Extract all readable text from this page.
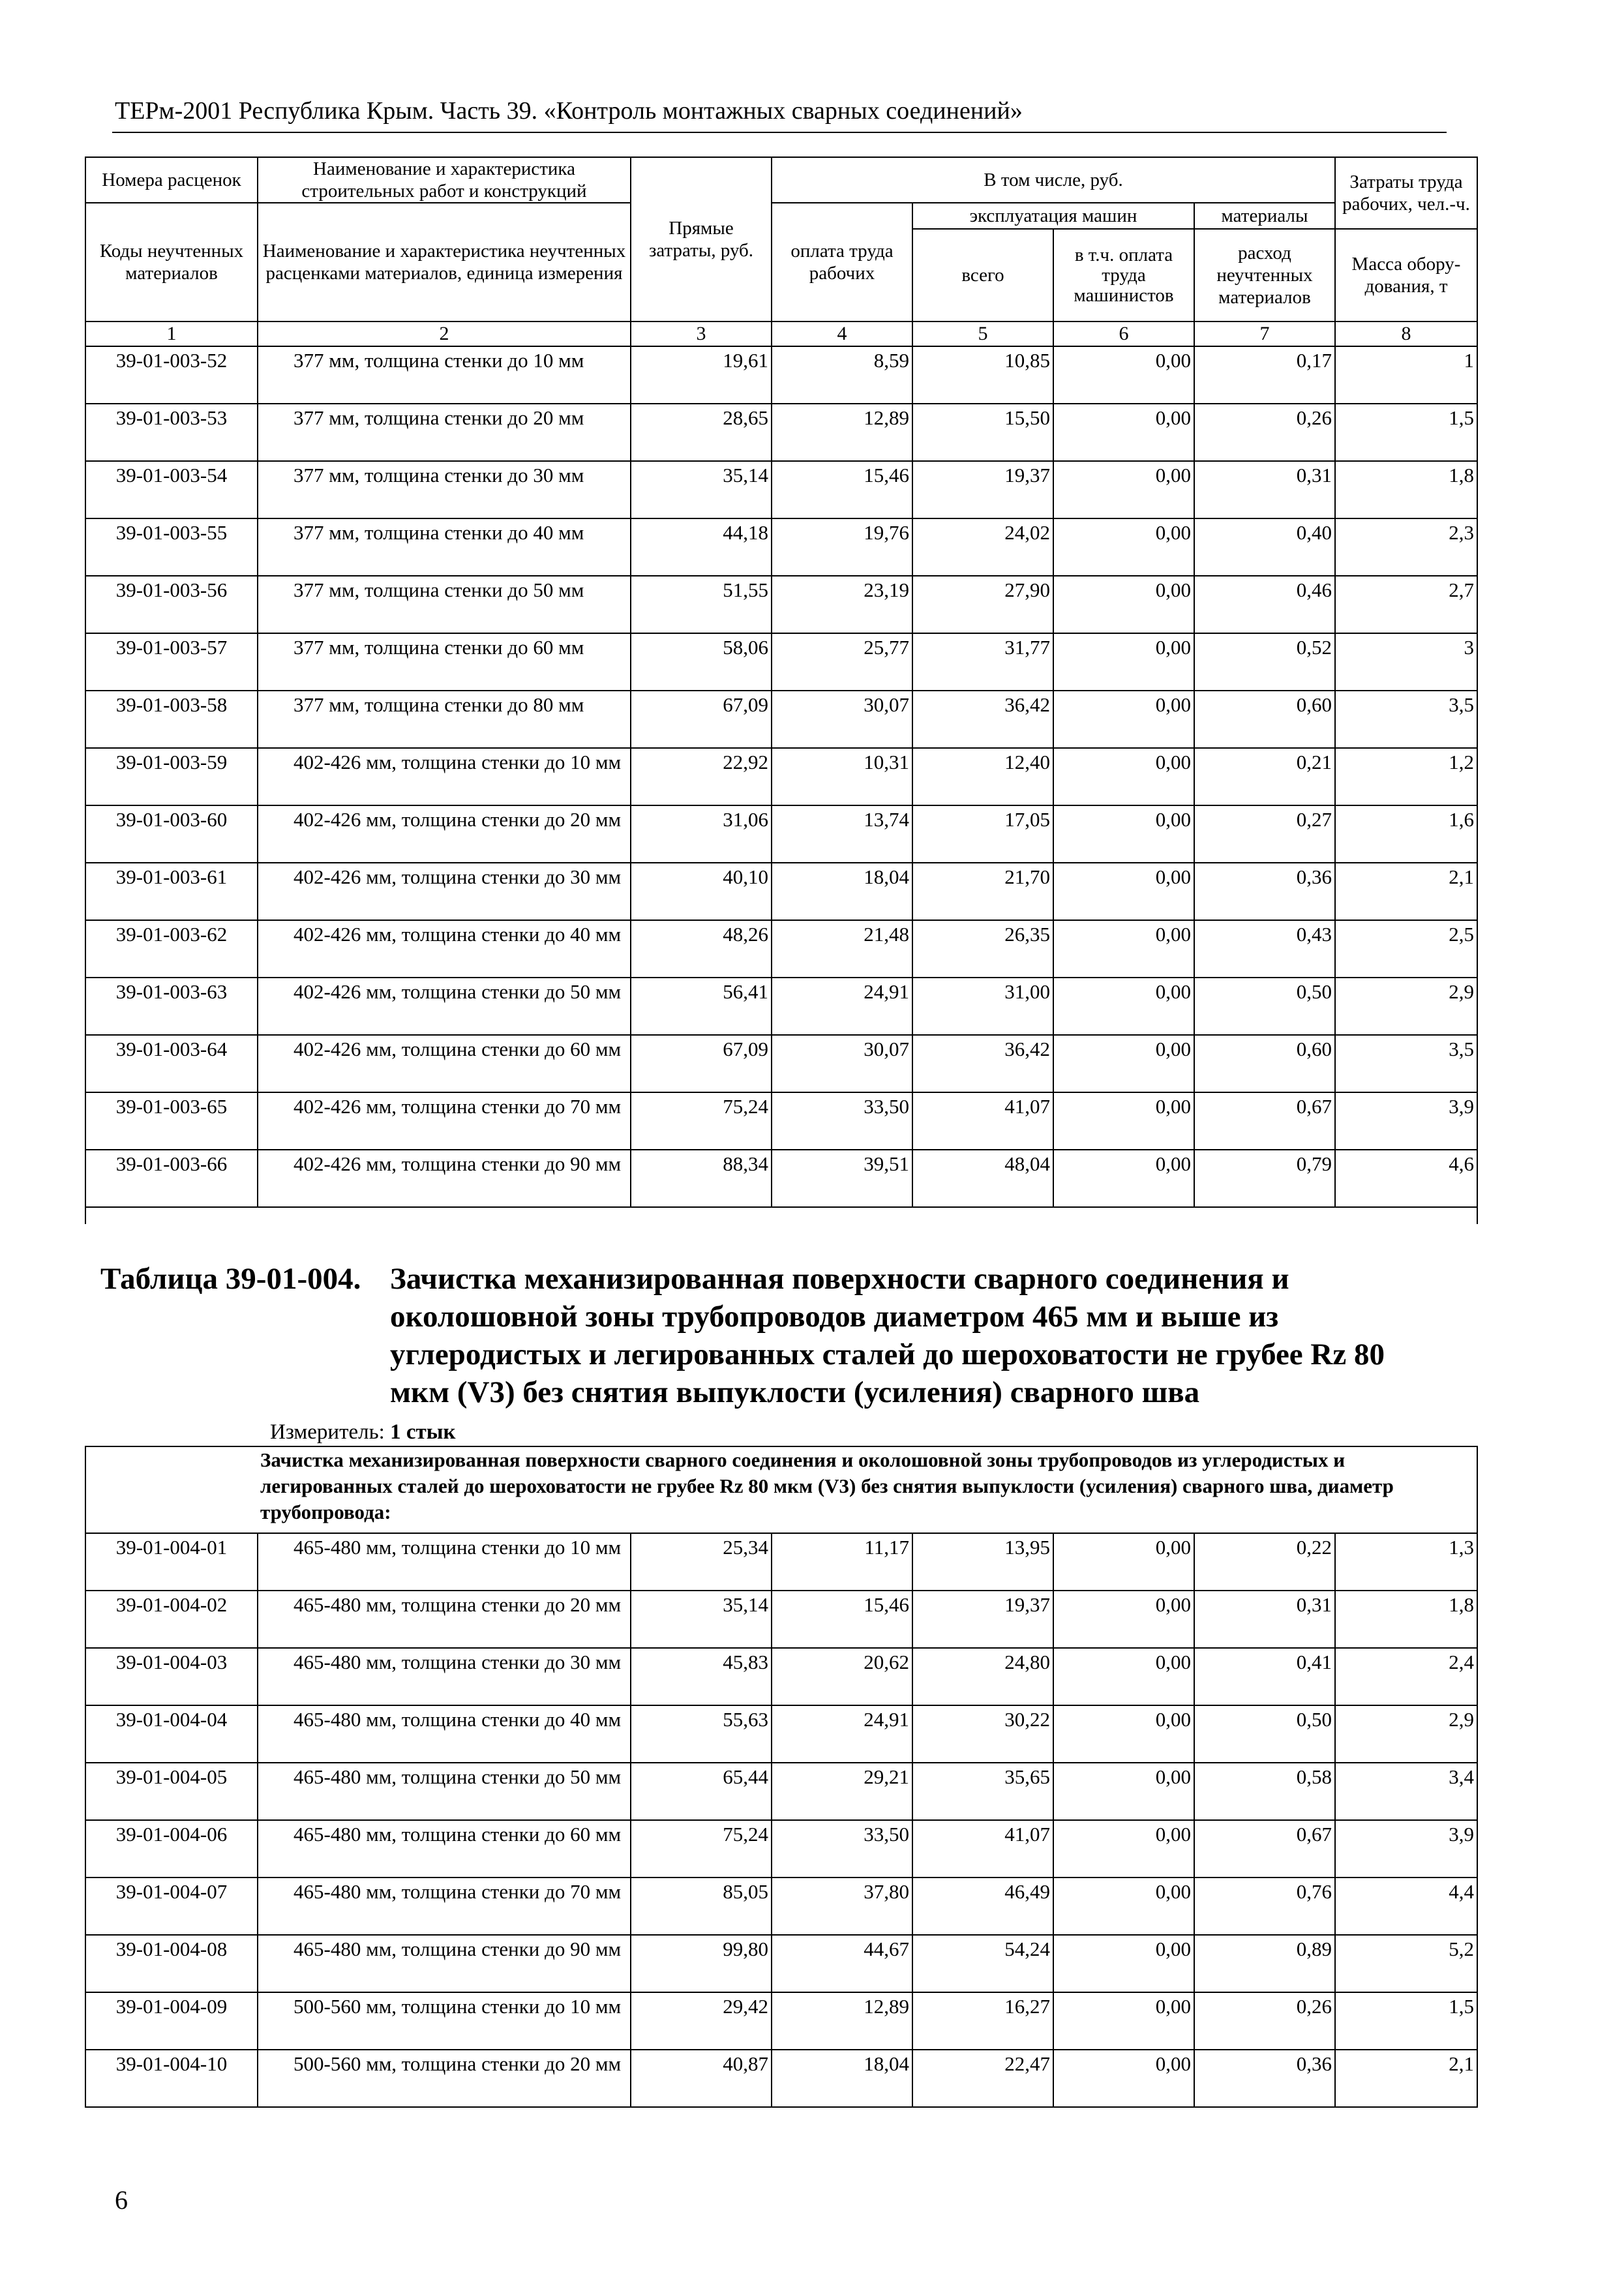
ТЕРм-2001 Республика Крым. Часть 39. «Контроль монтажных сварных соединений»
Номера расценок	Наименование и характеристика строительных работ и конструкций	Прямые затраты, руб.	В том числе, руб.				Затраты труда рабочих, чел.-ч.
Коды неучтенных материалов	Наименование и характеристика неучтенных расценками материалов, единица измерения		оплата труда рабочих	эксплуатация машин		материалы	
				всего	в т.ч. оплата труда машинистов	расход неучтенных материалов	Масса обору-дования, т
1	2	3	4	5	6	7	8
39-01-003-52	377 мм, толщина стенки до 10 мм	19,61	8,59	10,85	0,00	0,17	1
39-01-003-53	377 мм, толщина стенки до 20 мм	28,65	12,89	15,50	0,00	0,26	1,5
39-01-003-54	377 мм, толщина стенки до 30 мм	35,14	15,46	19,37	0,00	0,31	1,8
39-01-003-55	377 мм, толщина стенки до 40 мм	44,18	19,76	24,02	0,00	0,40	2,3
39-01-003-56	377 мм, толщина стенки до 50 мм	51,55	23,19	27,90	0,00	0,46	2,7
39-01-003-57	377 мм, толщина стенки до 60 мм	58,06	25,77	31,77	0,00	0,52	3
39-01-003-58	377 мм, толщина стенки до 80 мм	67,09	30,07	36,42	0,00	0,60	3,5
39-01-003-59	402-426 мм, толщина стенки до 10 мм	22,92	10,31	12,40	0,00	0,21	1,2
39-01-003-60	402-426 мм, толщина стенки до 20 мм	31,06	13,74	17,05	0,00	0,27	1,6
39-01-003-61	402-426 мм, толщина стенки до 30 мм	40,10	18,04	21,70	0,00	0,36	2,1
39-01-003-62	402-426 мм, толщина стенки до 40 мм	48,26	21,48	26,35	0,00	0,43	2,5
39-01-003-63	402-426 мм, толщина стенки до 50 мм	56,41	24,91	31,00	0,00	0,50	2,9
39-01-003-64	402-426 мм, толщина стенки до 60 мм	67,09	30,07	36,42	0,00	0,60	3,5
39-01-003-65	402-426 мм, толщина стенки до 70 мм	75,24	33,50	41,07	0,00	0,67	3,9
39-01-003-66	402-426 мм, толщина стенки до 90 мм	88,34	39,51	48,04	0,00	0,79	4,6

Таблица 39-01-004. Зачистка механизированная поверхности сварного соединения и околошовной зоны трубопроводов диаметром 465 мм и выше из углеродистых и легированных сталей до шероховатости не грубее Rz 80 мкм (V3) без снятия выпуклости (усиления) сварного шва
Измеритель: 1 стык
	Зачистка механизированная поверхности сварного соединения и околошовной зоны трубопроводов из углеродистых и легированных сталей до шероховатости не грубее Rz 80 мкм (V3) без снятия выпуклости (усиления) сварного шва, диаметр трубопровода:						
39-01-004-01	465-480 мм, толщина стенки до 10 мм	25,34	11,17	13,95	0,00	0,22	1,3
39-01-004-02	465-480 мм, толщина стенки до 20 мм	35,14	15,46	19,37	0,00	0,31	1,8
39-01-004-03	465-480 мм, толщина стенки до 30 мм	45,83	20,62	24,80	0,00	0,41	2,4
39-01-004-04	465-480 мм, толщина стенки до 40 мм	55,63	24,91	30,22	0,00	0,50	2,9
39-01-004-05	465-480 мм, толщина стенки до 50 мм	65,44	29,21	35,65	0,00	0,58	3,4
39-01-004-06	465-480 мм, толщина стенки до 60 мм	75,24	33,50	41,07	0,00	0,67	3,9
39-01-004-07	465-480 мм, толщина стенки до 70 мм	85,05	37,80	46,49	0,00	0,76	4,4
39-01-004-08	465-480 мм, толщина стенки до 90 мм	99,80	44,67	54,24	0,00	0,89	5,2
39-01-004-09	500-560 мм, толщина стенки до 10 мм	29,42	12,89	16,27	0,00	0,26	1,5
39-01-004-10	500-560 мм, толщина стенки до 20 мм	40,87	18,04	22,47	0,00	0,36	2,1
6
